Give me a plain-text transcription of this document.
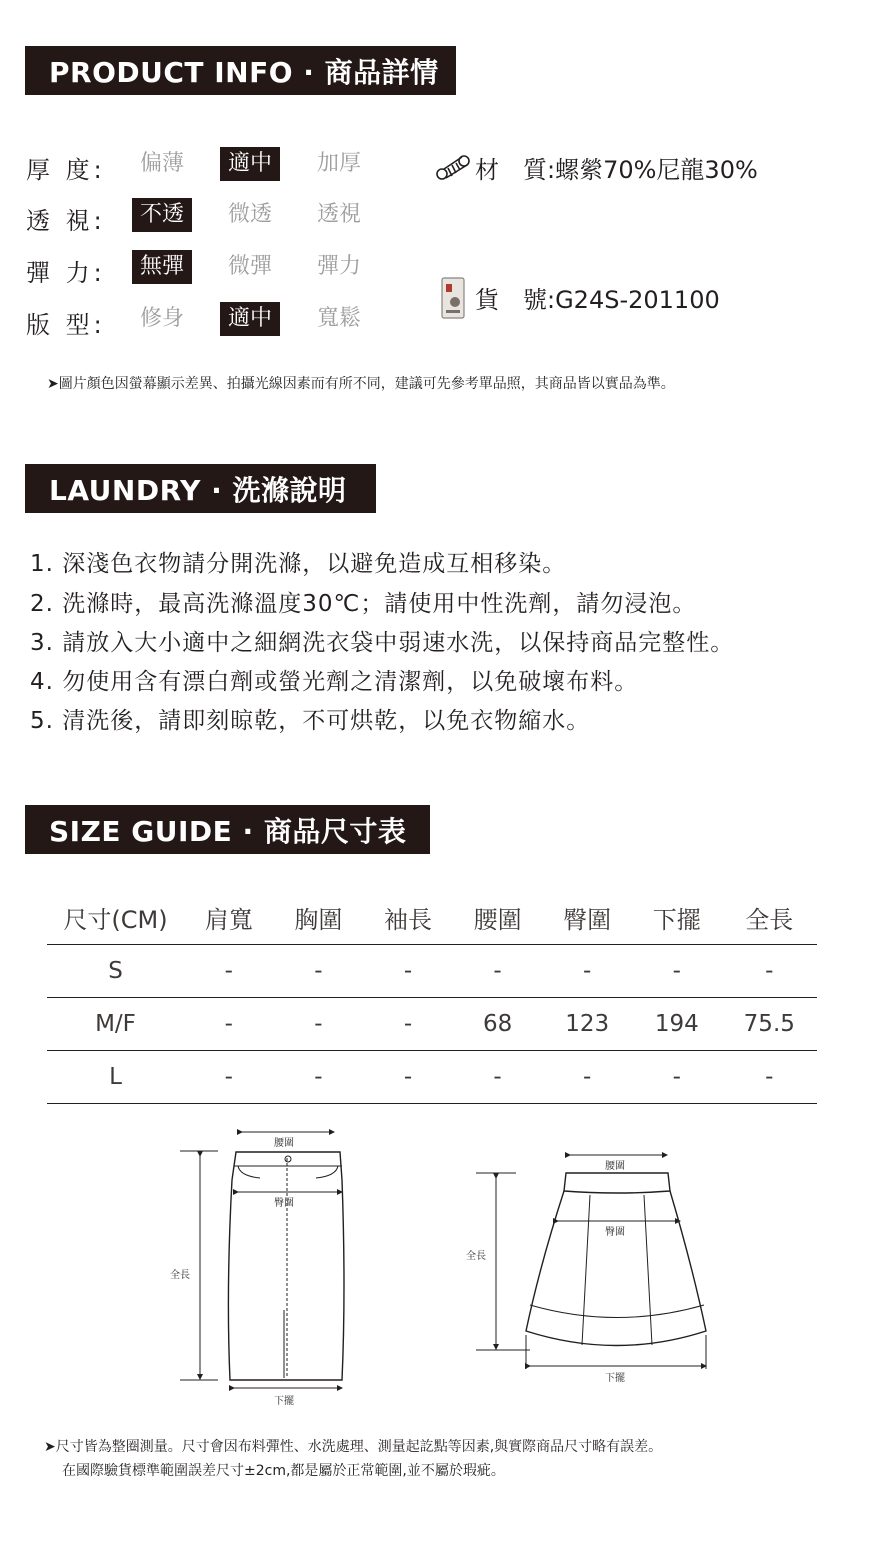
PRODUCT INFO · 商品詳情
厚 度:	偏薄	適中	加厚
透 視:	不透	微透	透視
彈 力:	無彈	微彈	彈力
版 型:	修身	適中	寬鬆
材　質:螺縈70%尼龍30%
貨　號:G24S-201100
➤圖片顏色因螢幕顯示差異、拍攝光線因素而有所不同，建議可先參考單品照，其商品皆以實品為準。
LAUNDRY · 洗滌說明
1. 深淺色衣物請分開洗滌，以避免造成互相移染。
2. 洗滌時，最高洗滌溫度30℃；請使用中性洗劑，請勿浸泡。
3. 請放入大小適中之細網洗衣袋中弱速水洗，以保持商品完整性。
4. 勿使用含有漂白劑或螢光劑之清潔劑，以免破壞布料。
5. 清洗後，請即刻晾乾，不可烘乾，以免衣物縮水。
SIZE GUIDE · 商品尺寸表
尺寸(CM)	肩寬	胸圍	袖長	腰圍	臀圍	下擺	全長
S	-	-	-	-	-	-	-
M/F	-	-	-	68	123	194	75.5
L	-	-	-	-	-	-	-
腰圍
臀圍
全長
下擺
腰圍
臀圍
全長
下擺
➤尺寸皆為整圈測量。尺寸會因布料彈性、水洗處理、測量起訖點等因素,與實際商品尺寸略有誤差。
在國際驗貨標準範圍誤差尺寸±2cm,都是屬於正常範圍,並不屬於瑕疵。
